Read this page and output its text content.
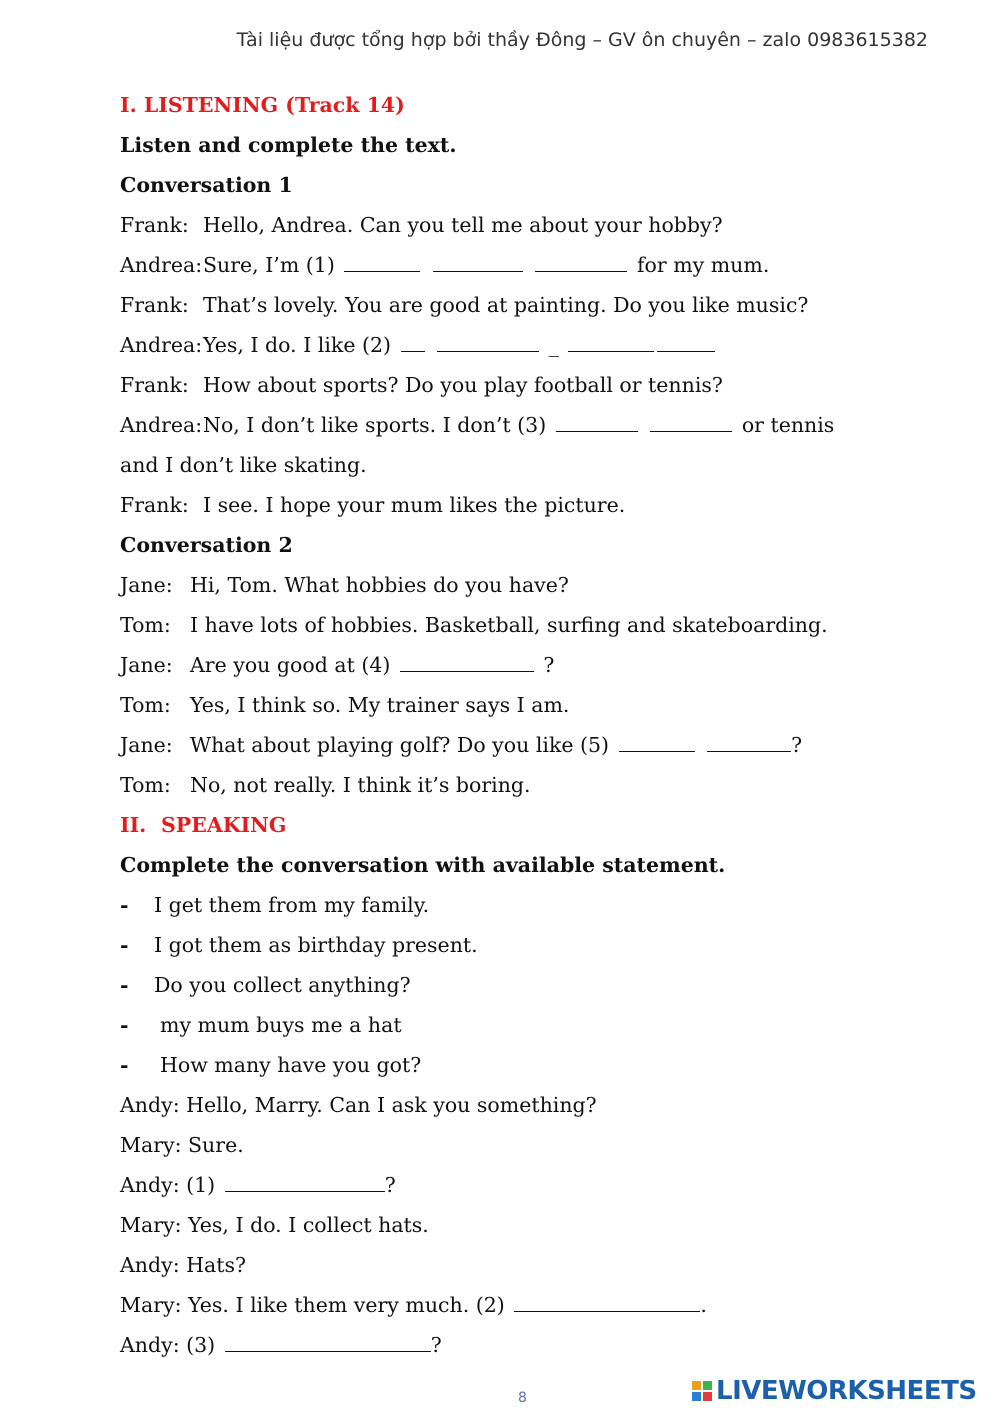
Tài liệu được tổng hợp bởi thầy Đông – GV ôn chuyên – zalo 0983615382
I. LISTENING (Track 14)
Listen and complete the text.
Conversation 1
Frank: Hello, Andrea. Can you tell me about your hobby?
Andrea:Sure, I’m (1)	for my mum.
Frank: That’s lovely. You are good at painting. Do you like music?
Andrea:Yes, I do. I like (2)	_
Frank: How about sports? Do you play football or tennis?
Andrea:No, I don’t like sports. I don’t (3)	or tennis
and I don’t like skating.
Frank: I see. I hope your mum likes the picture.
Conversation 2
Jane: Hi, Tom. What hobbies do you have?
Tom: I have lots of hobbies. Basketball, surfing and skateboarding.
Jane: Are you good at (4)	?
Tom: Yes, I think so. My trainer says I am.
Jane: What about playing golf? Do you like (5)	?
Tom: No, not really. I think it’s boring.
II. SPEAKING
Complete the conversation with available statement.
- I get them from my family.
- I got them as birthday present.
- Do you collect anything?
- my mum buys me a hat
- How many have you got?
Andy: Hello, Marry. Can I ask you something?
Mary: Sure.
Andy: (1)	?
Mary: Yes, I do. I collect hats.
Andy: Hats?
Mary: Yes. I like them very much. (2)	.
Andy: (3)	?
8	LIVEWORKSHEETS
